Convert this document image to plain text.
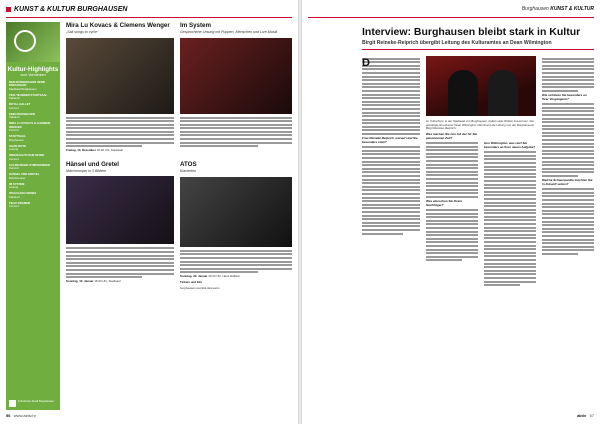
KUNST & KULTUR BURGHAUSEN
Kultur-Highlights
zum Vormerken
DEN MÄNNERCHOR HERR DRECHSLER
Stadtsaal Burghausen
TINA TEUBNER STADTSAAL
Kabarett
ROYAL HALLET
Konzert
EBBI MOOSBAUER
Kabarett
MIRA LU KOVACS & CLEMENS WENGER
Konzert
STADTSAAL
Burghausen
HILDE ROTH
Lesung
WEIHNACHTLICHE MUSIK
Konzert
SALZBURGER SYMPHONIKER
Konzert
HÄNSEL UND GRETEL
Märchenoper
IM SYSTEM
Lesung
WOLFGANG KREBS
Kabarett
FELIX KRAMER
Konzert
Kulturbüro Stadt Burghausen
Mira Lu Kovacs & Clemens Wenger
„Sail songs to cycle“
Freitag, 13. Dezember 20:00 Uhr, Stadtsaal
Hänsel und Gretel
Märchenoper in 3 Bildern
Sonntag, 12. Januar 16:00 Uhr, Stadtsaal
Im System
Gesprochene Lesung mit Puppen, Menschen und Live-Musik
ATOS
Klaviertrio
Sonntag, 23. Januar 20:00 Uhr, Haus Hallstar
Tickets und Info
burghausen-touristik.de/events
56 www.aktiv.hr
Burghausen KUNST & KULTUR
Interview: Burghausen bleibt stark in Kultur
Birgit Reineke-Reiprich übergibt Leitung des Kulturamtes an Dean Wilmington
D
Frau Reineke-Reiprich, worauf sind Sie besonders stolz?
Im Kulturbüro, in der Stadtsaal von Burghausen, hatten viele Wollen zusammen. Der gebürtige Amerikaner Dean Wilmington übernimmt die Leitung von der Burghauserin Birgit Reineke-Reiprich.
Was machen Sie nun mit der für Sie gewonnenen Zeit?
Was wünschen Sie Ihrem Nachfolger?
Herr Wilmington, was reizt Sie besonders an Ihrer neuen Aufgabe?
Wie schätzen Sie besonders an Ihrer Vorgängerin?
Welche Schwerpunkte möchten Sie in Zukunft setzen?
aktiv 57
